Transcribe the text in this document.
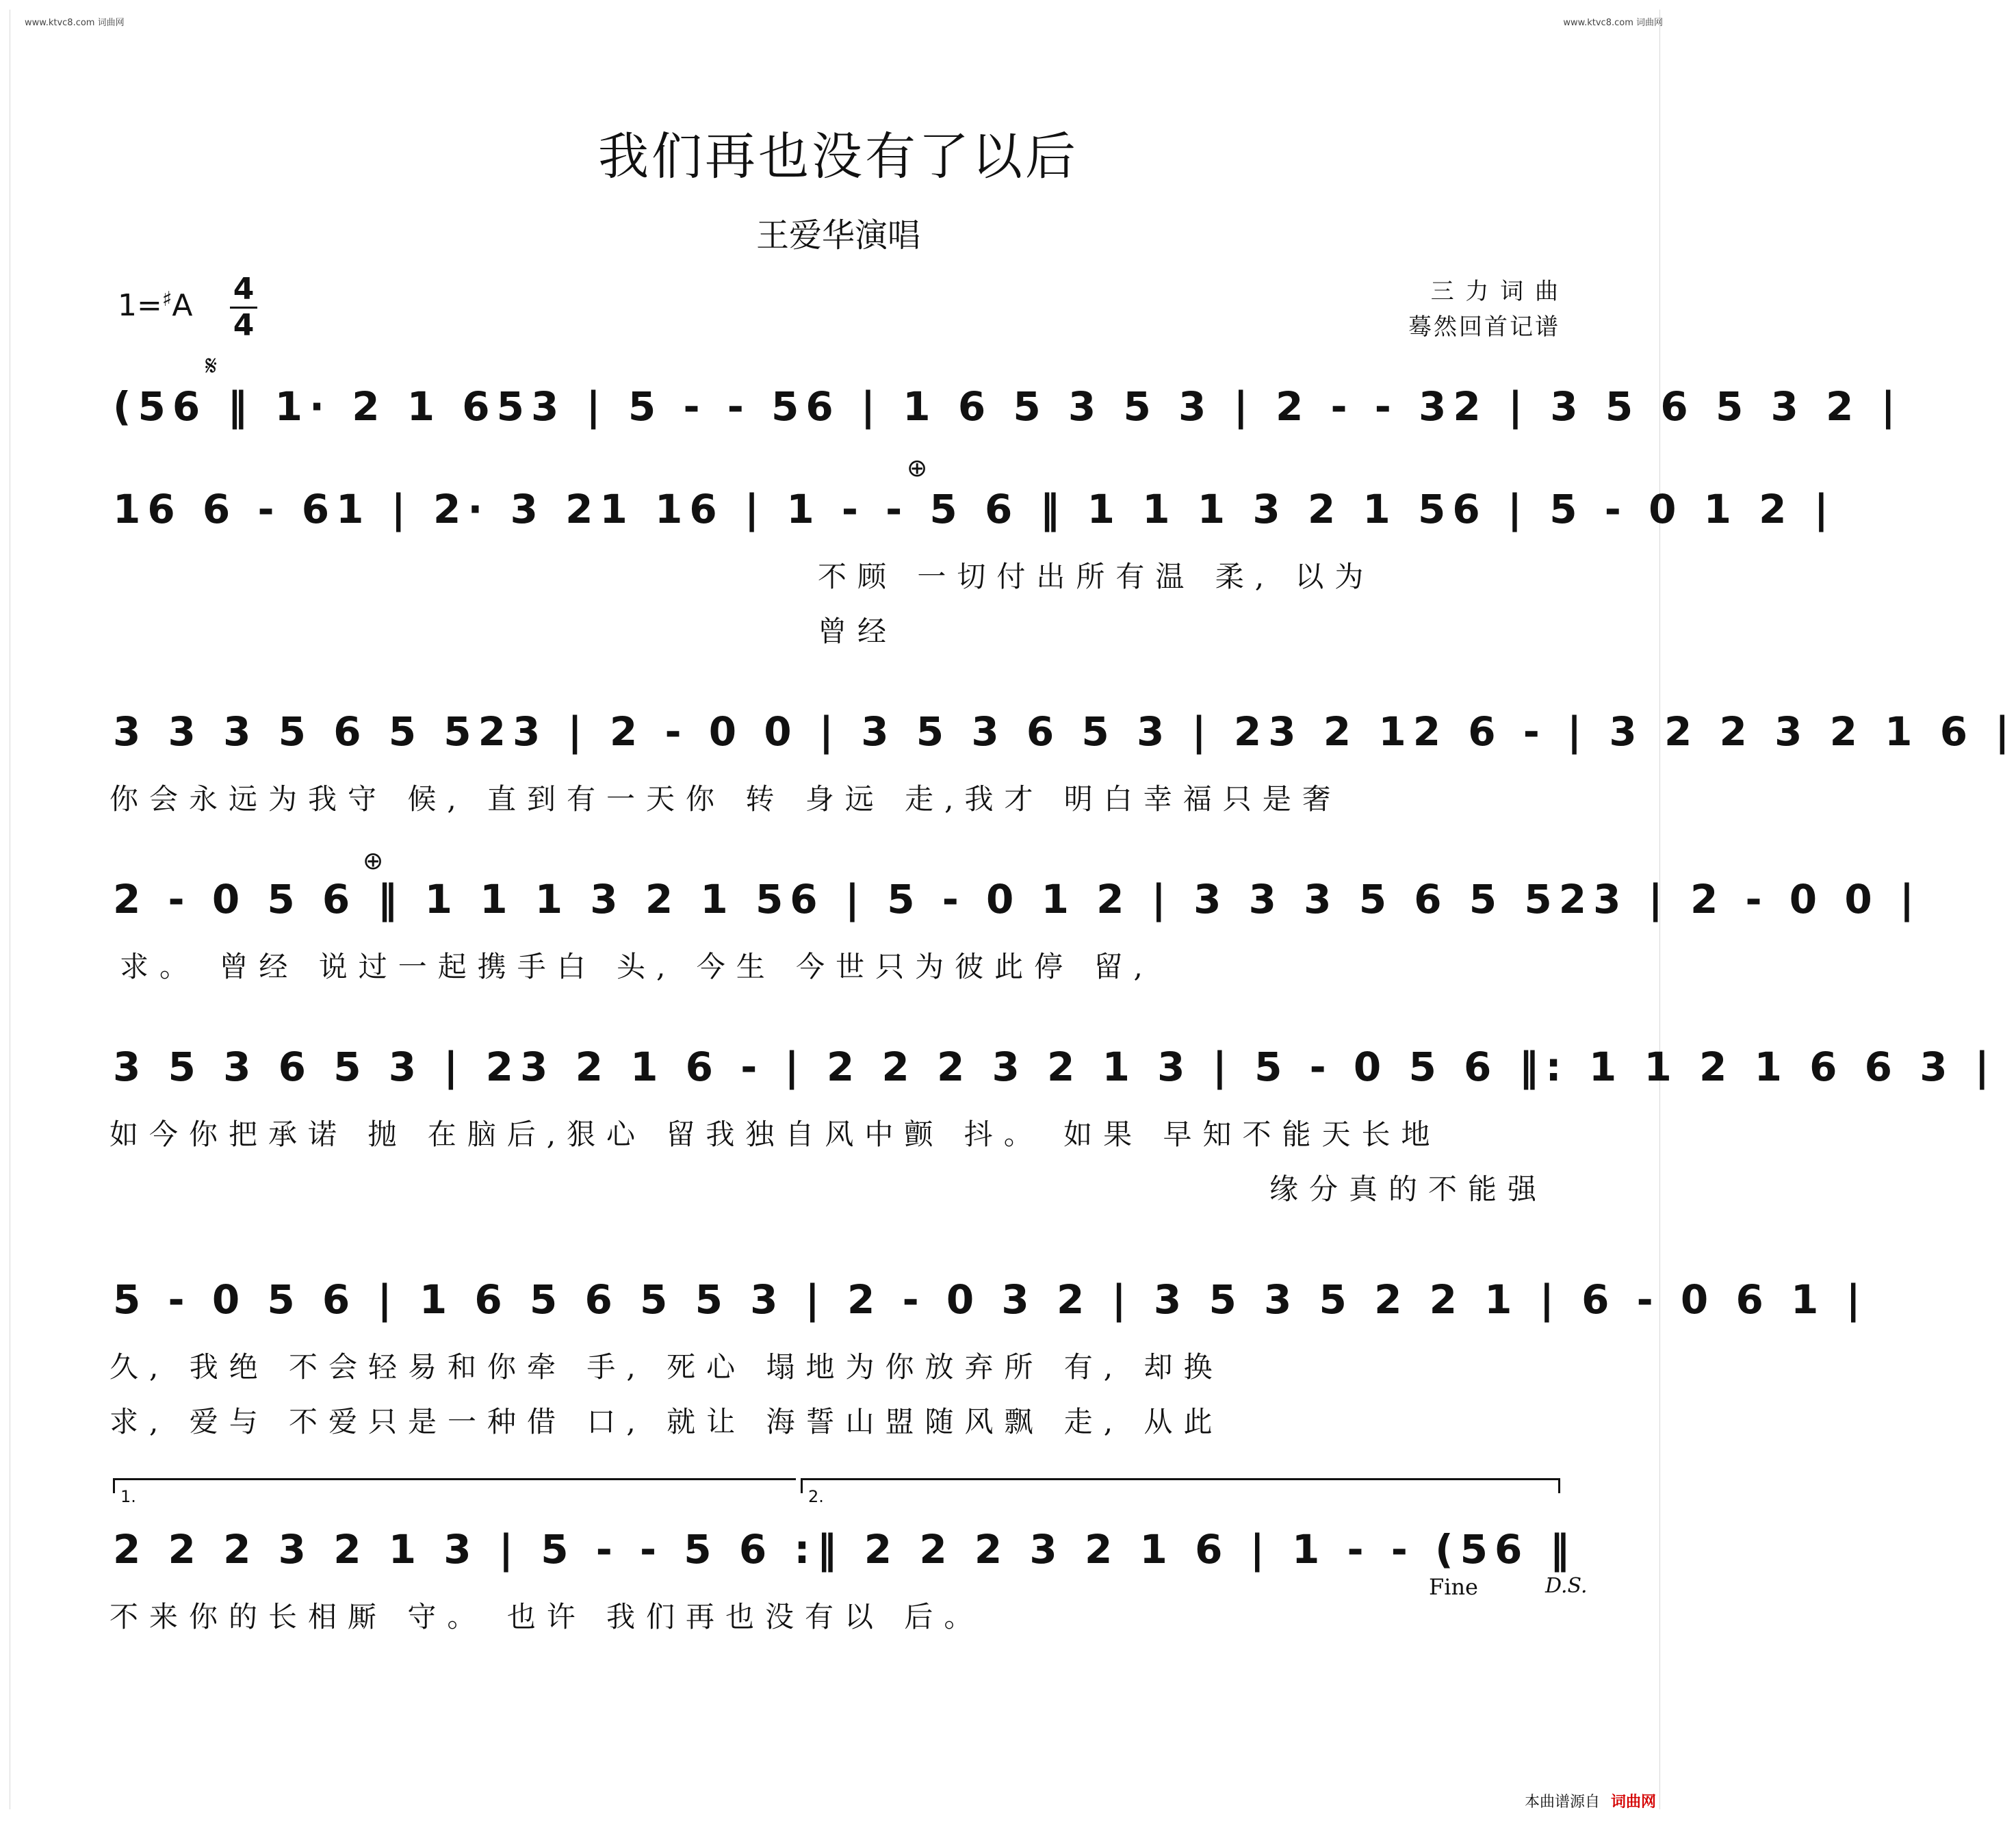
www.ktvc8.com 词曲网	www.ktvc8.com 词曲网
我们再也没有了以后
王爱华演唱
1=♯A 4
4
三 力 词 曲
蓦然回首记谱
𝄋
(56 ‖ 1· 2 1 653 | 5 - - 56 | 1 6 5 3 5 3 | 2 - - 32 | 3 5 6 5 3 2 |
16 6 - 61 | 2· 3 21 16 | 1 - - 5 6 ‖ 1 1 1 3 2 1 56 | 5 - 0 1 2 |
⊕
不顾 一切付出所有温 柔, 以为
曾经
3 3 3 5 6 5 523 | 2 - 0 0 | 3 5 3 6 5 3 | 23 2 12 6 - | 3 2 2 3 2 1 6 |
你会永远为我守 候, 直到有一天你 转 身远 走,我才 明白幸福只是奢
2 - 0 5 6 ‖ 1 1 1 3 2 1 56 | 5 - 0 1 2 | 3 3 3 5 6 5 523 | 2 - 0 0 |
⊕
求。 曾经 说过一起携手白 头, 今生 今世只为彼此停 留,
3 5 3 6 5 3 | 23 2 1 6 - | 2 2 2 3 2 1 3 | 5 - 0 5 6 ‖: 1 1 2 1 6 6 3 |
如今你把承诺 抛 在脑后,狠心 留我独自风中颤 抖。 如果 早知不能天长地
缘分真的不能强
5 - 0 5 6 | 1 6 5 6 5 5 3 | 2 - 0 3 2 | 3 5 3 5 2 2 1 | 6 - 0 6 1 |
久, 我绝 不会轻易和你牵 手, 死心 塌地为你放弃所 有, 却换
求, 爱与 不爱只是一种借 口, 就让 海誓山盟随风飘 走, 从此
1.	2.
2 2 2 3 2 1 3 | 5 - - 5 6 :‖ 2 2 2 3 2 1 6 | 1 - - (56 ‖
不来你的长相厮 守。 也许 我们再也没有以 后。
Fine	D.S.
本曲谱源自 词曲网
